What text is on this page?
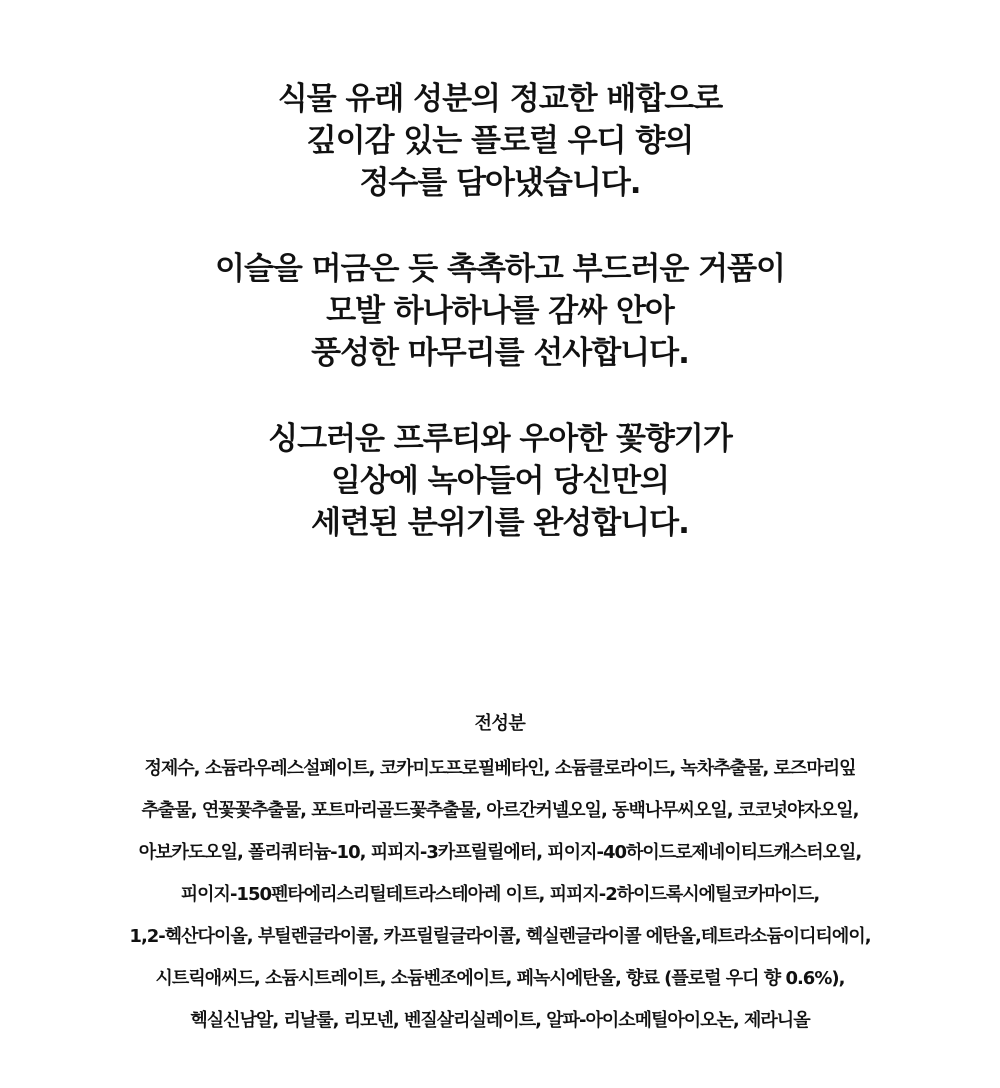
식물 유래 성분의 정교한 배합으로
깊이감 있는 플로럴 우디 향의
정수를 담아냈습니다.
이슬을 머금은 듯 촉촉하고 부드러운 거품이
모발 하나하나를 감싸 안아
풍성한 마무리를 선사합니다.
싱그러운 프루티와 우아한 꽃향기가
일상에 녹아들어 당신만의
세련된 분위기를 완성합니다.
전성분
정제수, 소듐라우레스설페이트, 코카미도프로필베타인, 소듐클로라이드, 녹차추출물, 로즈마리잎
추출물, 연꽃꽃추출물, 포트마리골드꽃추출물, 아르간커넬오일, 동백나무씨오일, 코코넛야자오일,
아보카도오일, 폴리쿼터늄-10, 피피지-3카프릴릴에터, 피이지-40하이드로제네이티드캐스터오일,
피이지-150펜타에리스리틸테트라스테아레 이트, 피피지-2하이드록시에틸코카마이드,
1,2-헥산다이올, 부틸렌글라이콜, 카프릴릴글라이콜, 헥실렌글라이콜 에탄올,테트라소듐이디티에이,
시트릭애씨드, 소듐시트레이트, 소듐벤조에이트, 페녹시에탄올, 향료 (플로럴 우디 향 0.6%),
헥실신남알, 리날룰, 리모넨, 벤질살리실레이트, 알파-아이소메틸아이오논, 제라니올
